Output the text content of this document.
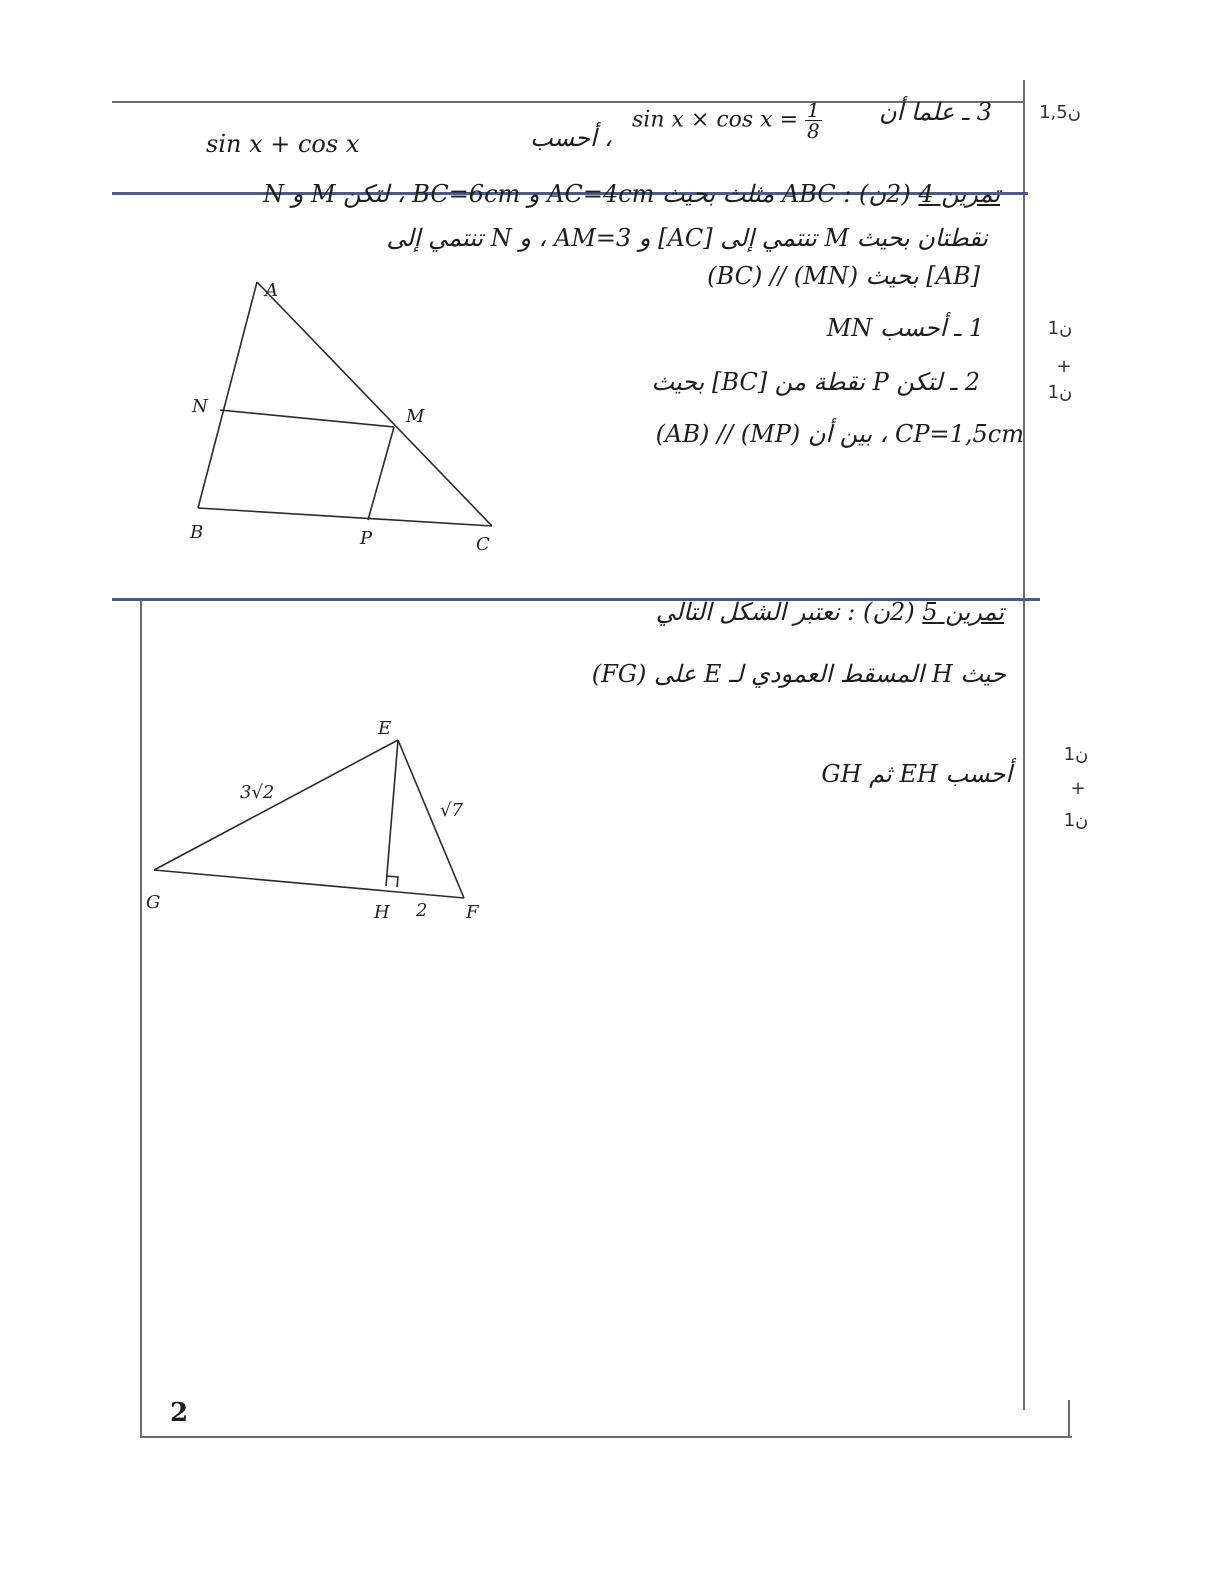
3 ـ علما أن
$\sin x \times \cos x = \frac{1}{8}$
، أحسب
sin x + cos x
1,5ن
تمرين 4 (2ن) : ABC مثلث بحيث AC=4cm و BC=6cm ، لتكن M و N
نقطتان بحيث M تنتمي إلى [AC] و AM=3 ، و N تنتمي إلى
[AB] بحيث (MN) // (BC)
1 ـ أحسب MN
2 ـ لتكن P نقطة من [BC] بحيث
CP=1,5cm ، بين أن (MP) // (AB)
1ن
+
1ن
A
N	M
B	P	C
تمرين 5 (2ن) : نعتبر الشكل التالي
حيث H المسقط العمودي لـ E على (FG)
أحسب EH ثم GH
1ن
+
1ن
E
G	H	F
3√2
√7
2
2
